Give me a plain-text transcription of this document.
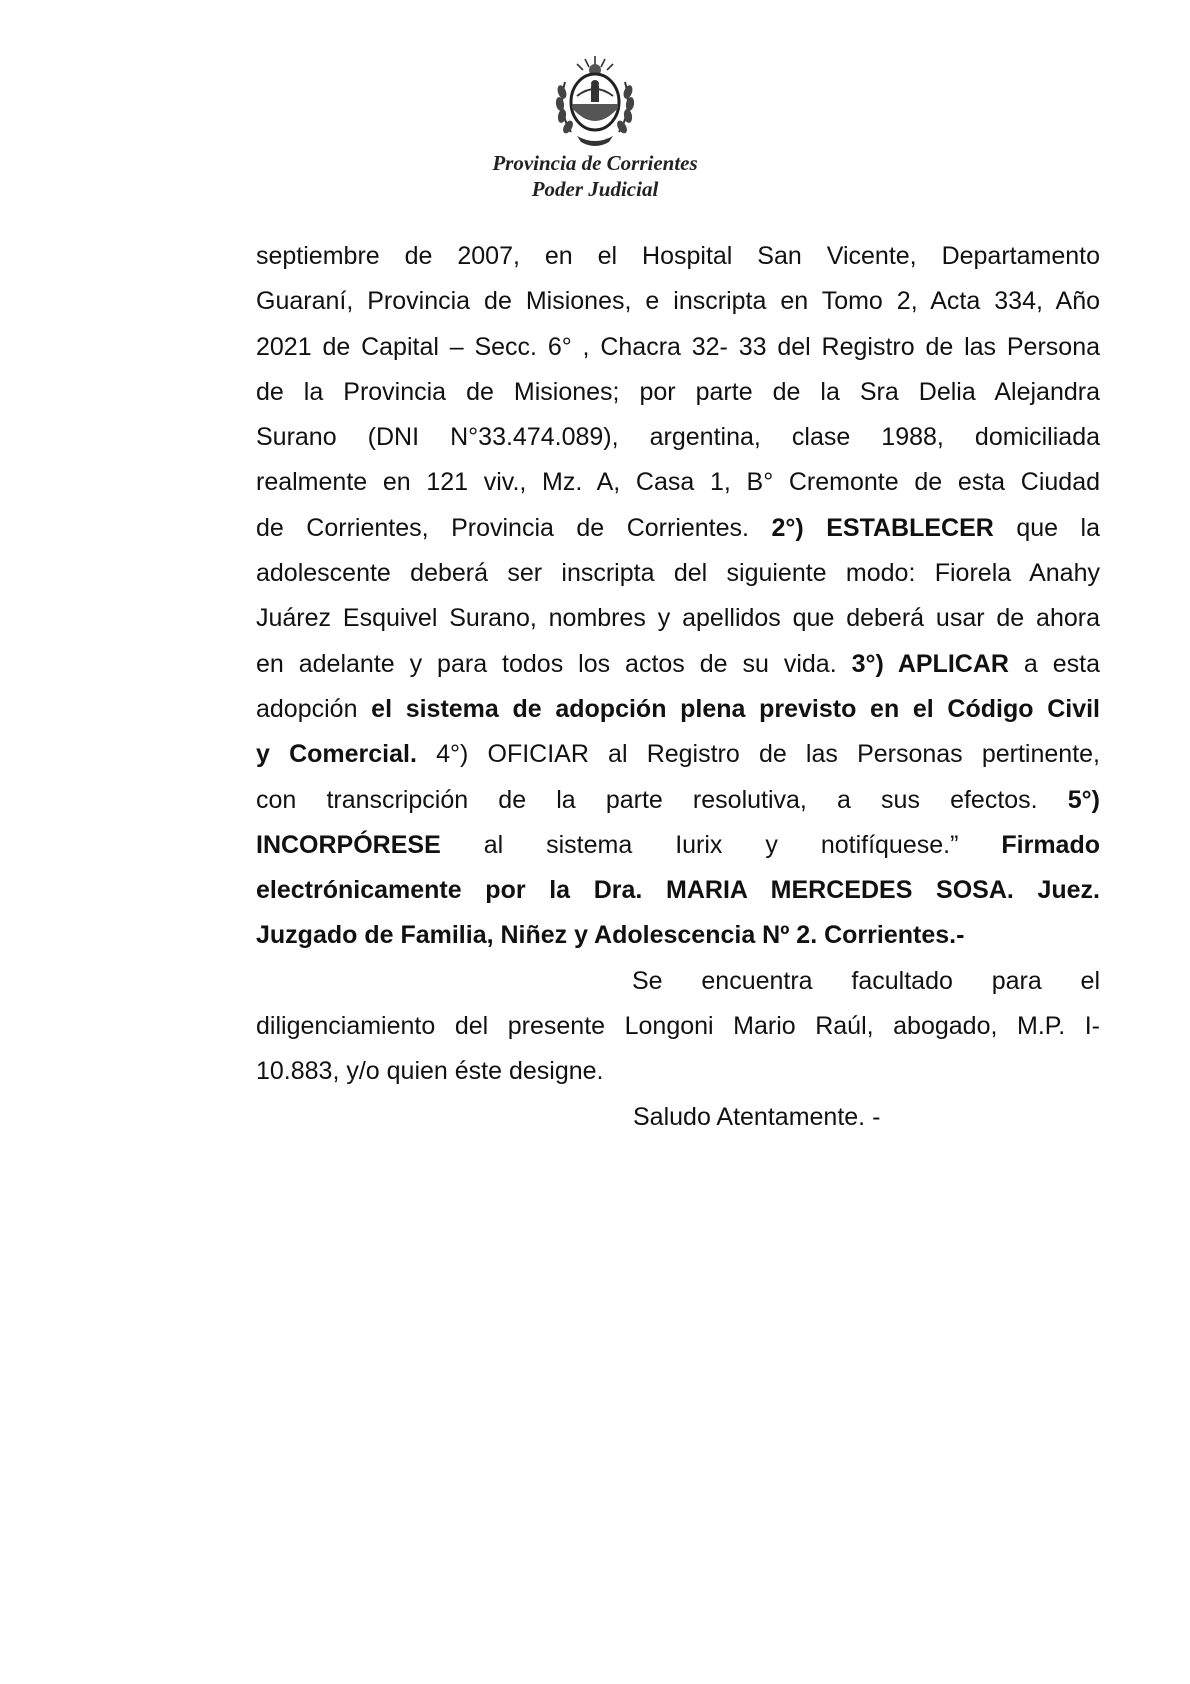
Provincia de Corrientes
Poder Judicial
septiembre de 2007, en el Hospital San Vicente, Departamento
Guaraní, Provincia de Misiones, e inscripta en Tomo 2, Acta 334, Año
2021 de Capital – Secc. 6° , Chacra 32- 33 del Registro de las Persona
de la Provincia de Misiones; por parte de la Sra Delia Alejandra
Surano (DNI N°33.474.089), argentina, clase 1988, domiciliada
realmente en 121 viv., Mz. A, Casa 1, B° Cremonte de esta Ciudad
de Corrientes, Provincia de Corrientes. 2°) ESTABLECER que la
adolescente deberá ser inscripta del siguiente modo: Fiorela Anahy
Juárez Esquivel Surano, nombres y apellidos que deberá usar de ahora
en adelante y para todos los actos de su vida. 3°) APLICAR a esta
adopción el sistema de adopción plena previsto en el Código Civil
y Comercial. 4°) OFICIAR al Registro de las Personas pertinente,
con transcripción de la parte resolutiva, a sus efectos. 5°)
INCORPÓRESE al sistema Iurix y notifíquese.” Firmado
electrónicamente por la Dra. MARIA MERCEDES SOSA. Juez.
Juzgado de Familia, Niñez y Adolescencia Nº 2. Corrientes.-
Se encuentra facultado para el
diligenciamiento del presente Longoni Mario Raúl, abogado, M.P. I-
10.883, y/o quien éste designe.
Saludo Atentamente. -
